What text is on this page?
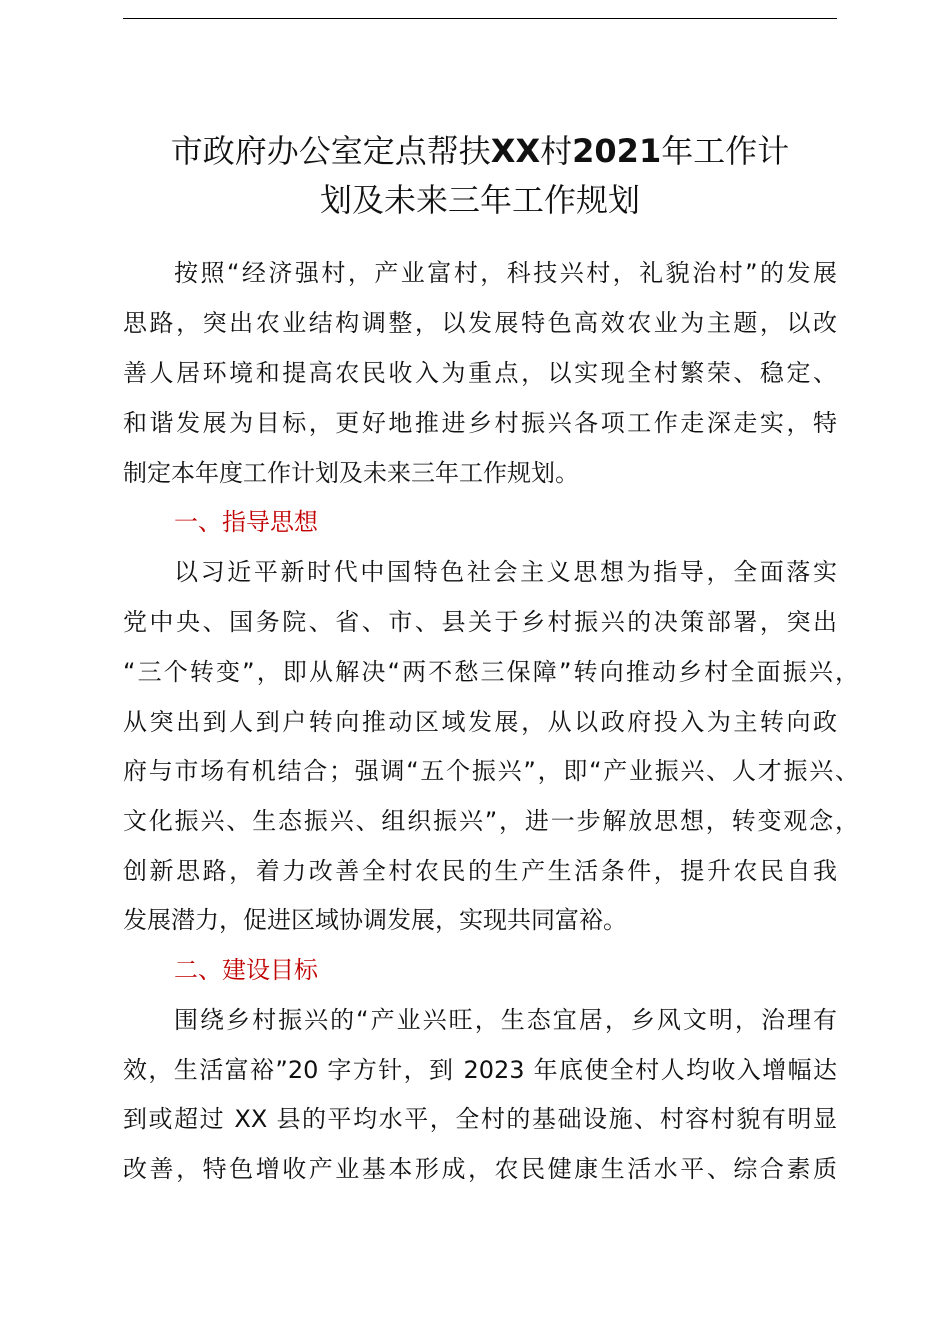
市政府办公室定点帮扶XX村2021年工作计
划及未来三年工作规划

按照“经济强村，产业富村，科技兴村，礼貌治村”的发展

思路，突出农业结构调整，以发展特色高效农业为主题，以改

善人居环境和提高农民收入为重点，以实现全村繁荣、稳定、

和谐发展为目标，更好地推进乡村振兴各项工作走深走实，特

制定本年度工作计划及未来三年工作规划。

一、指导思想

以习近平新时代中国特色社会主义思想为指导，全面落实

党中央、国务院、省、市、县关于乡村振兴的决策部署，突出

“三个转变”，即从解决“两不愁三保障”转向推动乡村全面振兴，

从突出到人到户转向推动区域发展，从以政府投入为主转向政

府与市场有机结合；强调“五个振兴”，即“产业振兴、人才振兴、

文化振兴、生态振兴、组织振兴”，进一步解放思想，转变观念，

创新思路，着力改善全村农民的生产生活条件，提升农民自我

发展潜力，促进区域协调发展，实现共同富裕。

二、建设目标

围绕乡村振兴的“产业兴旺，生态宜居，乡风文明，治理有

效，生活富裕”20 字方针，到 2023 年底使全村人均收入增幅达

到或超过 XX 县的平均水平，全村的基础设施、村容村貌有明显

改善，特色增收产业基本形成，农民健康生活水平、综合素质
